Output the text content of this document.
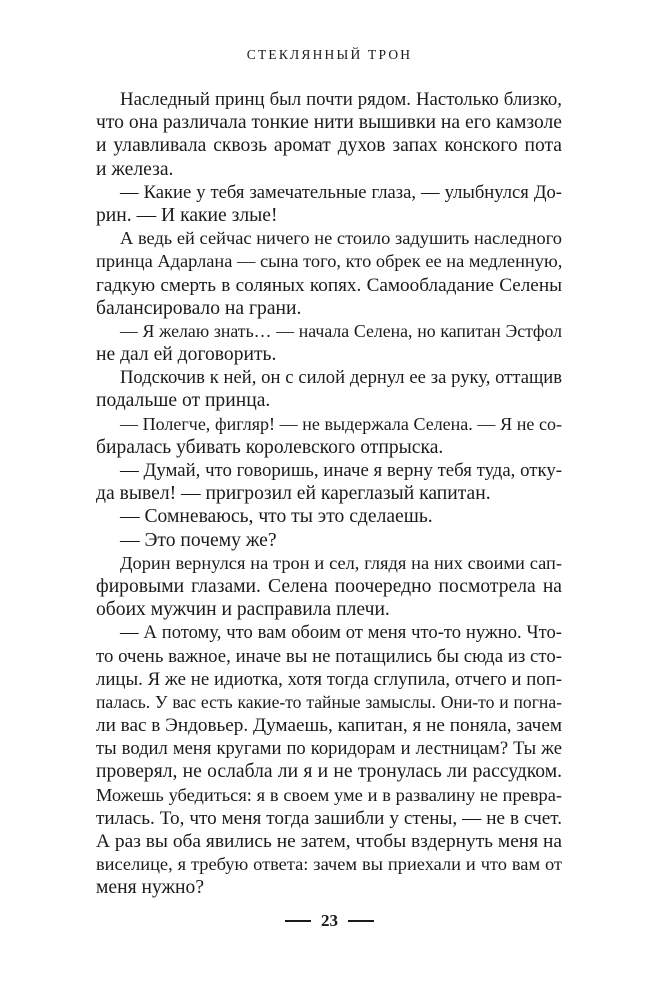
СТЕКЛЯННЫЙ ТРОН
Наследный принц был почти рядом. Настолько близко,
что она различала тонкие нити вышивки на его камзоле
и улавливала сквозь аромат духов запах конского пота
и железа.
— Какие у тебя замечательные глаза, — улыбнулся До-
рин. — И какие злые!
А ведь ей сейчас ничего не стоило задушить наследного
принца Адарлана — сына того, кто обрек ее на медленную,
гадкую смерть в соляных копях. Самообладание Селены
балансировало на грани.
— Я желаю знать… — начала Селена, но капитан Эстфол
не дал ей договорить.
Подскочив к ней, он с силой дернул ее за руку, оттащив
подальше от принца.
— Полегче, фигляр! — не выдержала Селена. — Я не со-
биралась убивать королевского отпрыска.
— Думай, что говоришь, иначе я верну тебя туда, отку-
да вывел! — пригрозил ей кареглазый капитан.
— Сомневаюсь, что ты это сделаешь.
— Это почему же?
Дорин вернулся на трон и сел, глядя на них своими сап-
фировыми глазами. Селена поочередно посмотрела на
обоих мужчин и расправила плечи.
— А потому, что вам обоим от меня что-то нужно. Что-
то очень важное, иначе вы не потащились бы сюда из сто-
лицы. Я же не идиотка, хотя тогда сглупила, отчего и поп-
палась. У вас есть какие-то тайные замыслы. Они-то и погна-
ли вас в Эндовьер. Думаешь, капитан, я не поняла, зачем
ты водил меня кругами по коридорам и лестницам? Ты же
проверял, не ослабла ли я и не тронулась ли рассудком.
Можешь убедиться: я в своем уме и в развалину не превра-
тилась. То, что меня тогда зашибли у стены, — не в счет.
А раз вы оба явились не затем, чтобы вздернуть меня на
виселице, я требую ответа: зачем вы приехали и что вам от
меня нужно?
23
